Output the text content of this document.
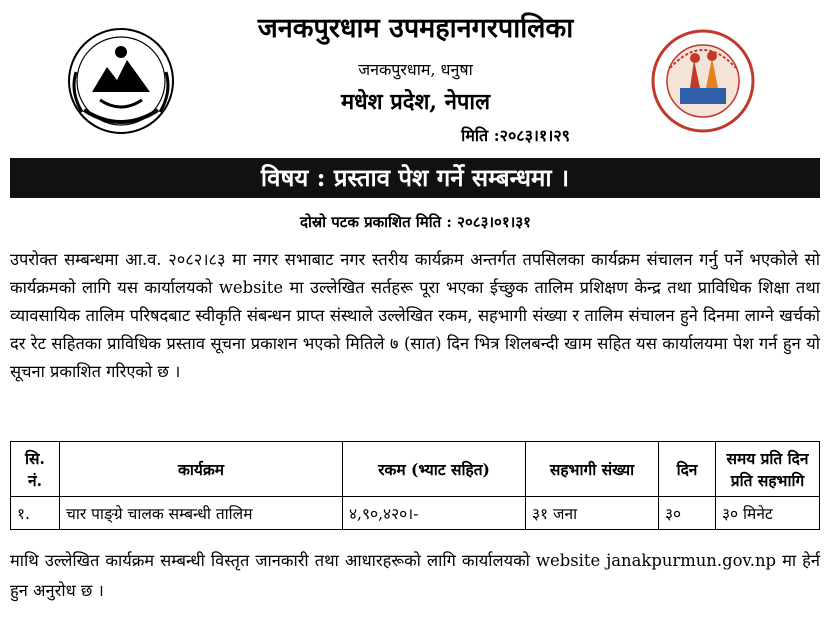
जनकपुरधाम उपमहानगरपालिका
जनकपुरधाम, धनुषा
मधेश प्रदेश, नेपाल
मिति :२०८३।१।२९
विषय : प्रस्ताव पेश गर्ने सम्बन्धमा ।
दोस्रो पटक प्रकाशित मिति : २०८३।०१।३१
उपरोक्त सम्बन्धमा आ.व. २०८२।८३ मा नगर सभाबाट नगर स्तरीय कार्यक्रम अन्तर्गत तपसिलका कार्यक्रम संचालन गर्नु पर्ने भएकोले सो कार्यक्रमको लागि यस कार्यालयको website मा उल्लेखित सर्तहरू पूरा भएका ईच्छुक तालिम प्रशिक्षण केन्द्र तथा प्राविधिक शिक्षा तथा व्यावसायिक तालिम परिषदबाट स्वीकृति संबन्धन प्राप्त संस्थाले उल्लेखित रकम, सहभागी संख्या र तालिम संचालन हुने दिनमा लाग्ने खर्चको दर रेट सहितका प्राविधिक प्रस्ताव सूचना प्रकाशन भएको मितिले ७ (सात) दिन भित्र शिलबन्दी खाम सहित यस कार्यालयमा पेश गर्न हुन यो सूचना प्रकाशित गरिएको छ ।
सि. नं.	कार्यक्रम	रकम (भ्याट सहित)	सहभागी संख्या	दिन	समय प्रति दिन प्रति सहभागि
१.	चार पाङ्ग्रे चालक सम्बन्धी तालिम	४,९०,४२०।-	३१ जना	३०	३० मिनेट
माथि उल्लेखित कार्यक्रम सम्बन्धी विस्तृत जानकारी तथा आधारहरूको लागि कार्यालयको website janakpurmun.gov.np मा हेर्न हुन अनुरोध छ ।
